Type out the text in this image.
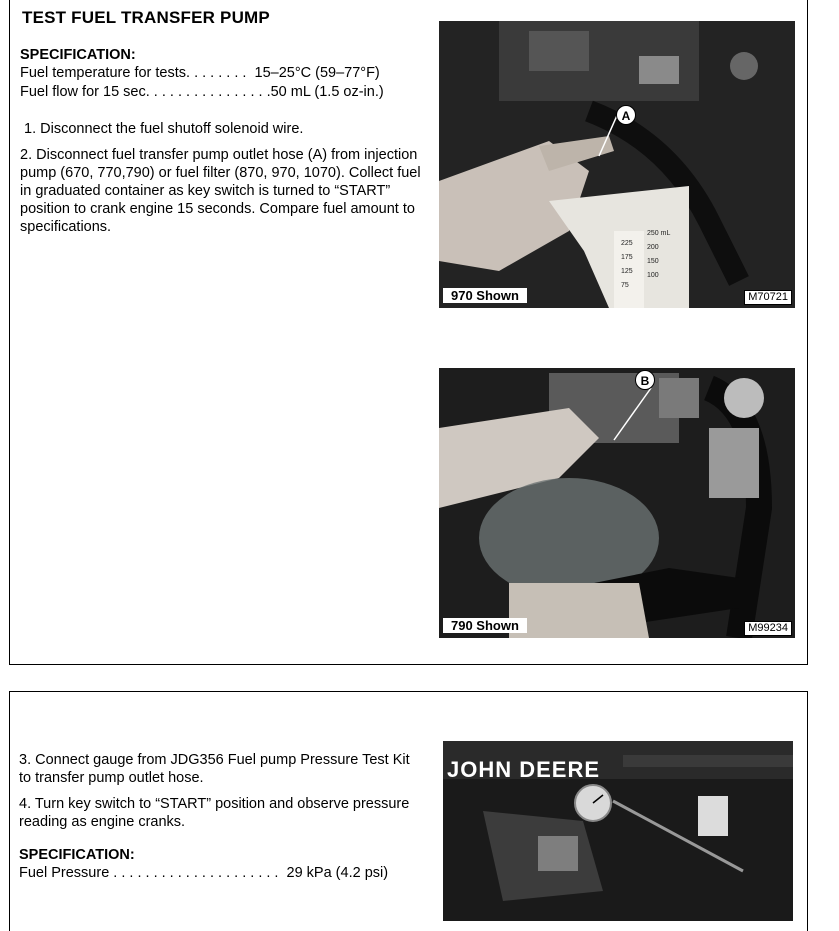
TEST FUEL TRANSFER PUMP
SPECIFICATION:
Fuel temperature for tests. . . . . . . .  15–25°C (59–77°F)
Fuel flow for 15 sec. . . . . . . . . . . . . . . .50 mL (1.5 oz-in.)
1. Disconnect the fuel shutoff solenoid wire.
2. Disconnect fuel transfer pump outlet hose (A) from injection pump (670, 770,790) or fuel filter (870, 970, 1070). Collect fuel in graduated container as key switch is turned to “START” position to crank engine 15 seconds. Compare fuel amount to specifications.
A
250 mL
200
150
100
225
175
125
75
970 Shown	M70721
B
790 Shown	M99234
3. Connect gauge from JDG356 Fuel pump Pressure Test Kit to transfer pump outlet hose.
4. Turn key switch to “START” position and observe pressure reading as engine cranks.
SPECIFICATION:
Fuel Pressure . . . . . . . . . . . . . . . . . . . . .  29 kPa (4.2 psi)
JOHN DEERE
